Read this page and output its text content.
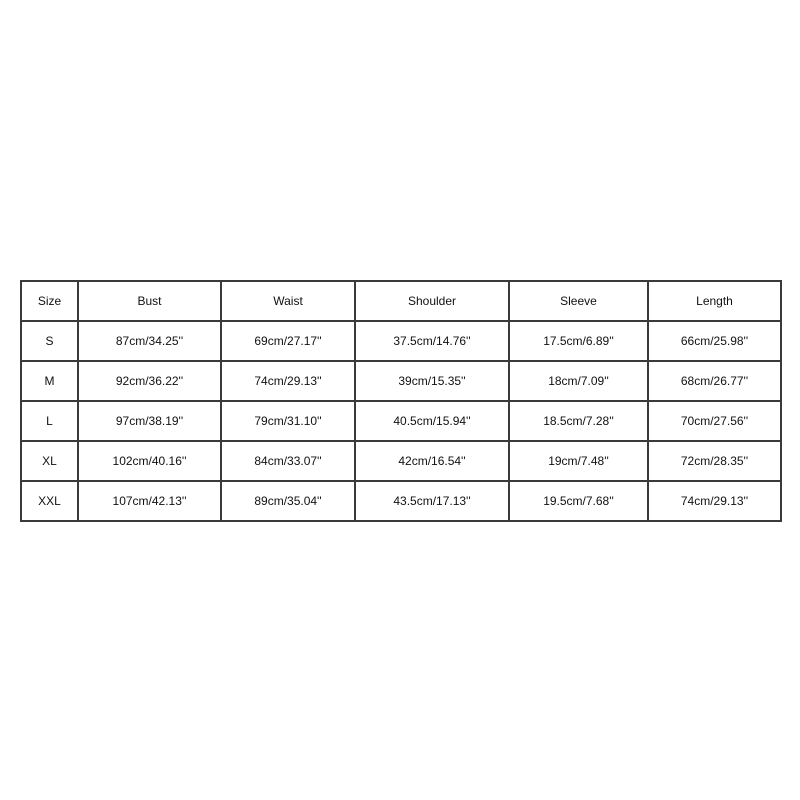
Size	Bust	Waist	Shoulder	Sleeve	Length
S	87cm/34.25''	69cm/27.17''	37.5cm/14.76''	17.5cm/6.89''	66cm/25.98''
M	92cm/36.22''	74cm/29.13''	39cm/15.35''	18cm/7.09''	68cm/26.77''
L	97cm/38.19''	79cm/31.10''	40.5cm/15.94''	18.5cm/7.28''	70cm/27.56''
XL	102cm/40.16''	84cm/33.07''	42cm/16.54''	19cm/7.48''	72cm/28.35''
XXL	107cm/42.13''	89cm/35.04''	43.5cm/17.13''	19.5cm/7.68''	74cm/29.13''
